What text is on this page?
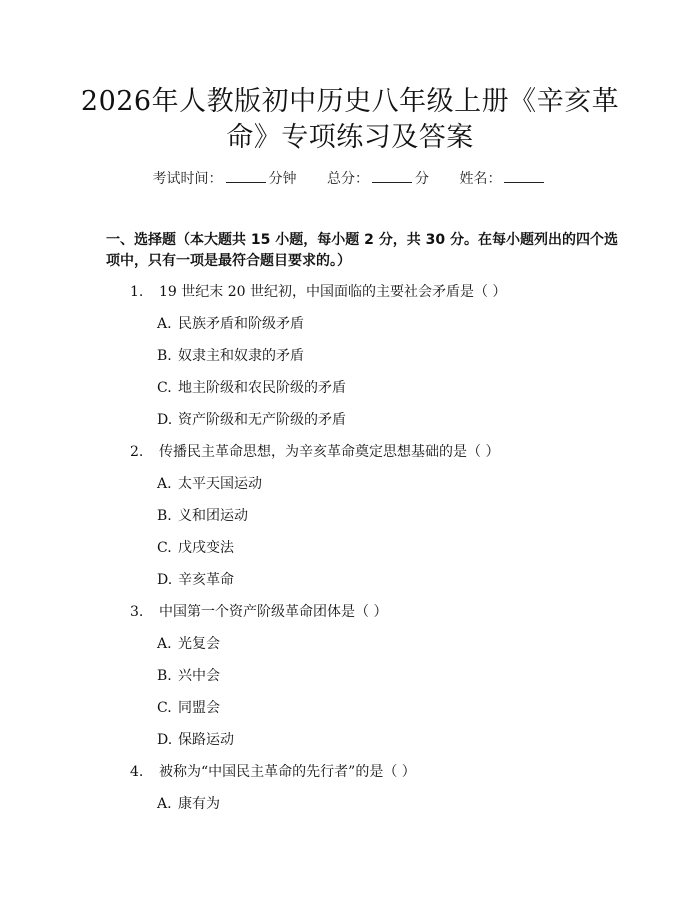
2026年人教版初中历史八年级上册《辛亥革
命》专项练习及答案
考试时间：	分钟 总分：	分 姓名：
一、选择题（本大题共 15 小题，每小题 2 分，共 30 分。在每小题列出的四个选
项中，只有一项是最符合题目要求的。）
1. 19 世纪末 20 世纪初，中国面临的主要社会矛盾是（ ）
A. 民族矛盾和阶级矛盾
B. 奴隶主和奴隶的矛盾
C. 地主阶级和农民阶级的矛盾
D. 资产阶级和无产阶级的矛盾
2. 传播民主革命思想，为辛亥革命奠定思想基础的是（ ）
A. 太平天国运动
B. 义和团运动
C. 戊戌变法
D. 辛亥革命
3. 中国第一个资产阶级革命团体是（ ）
A. 光复会
B. 兴中会
C. 同盟会
D. 保路运动
4. 被称为“中国民主革命的先行者”的是（ ）
A. 康有为
